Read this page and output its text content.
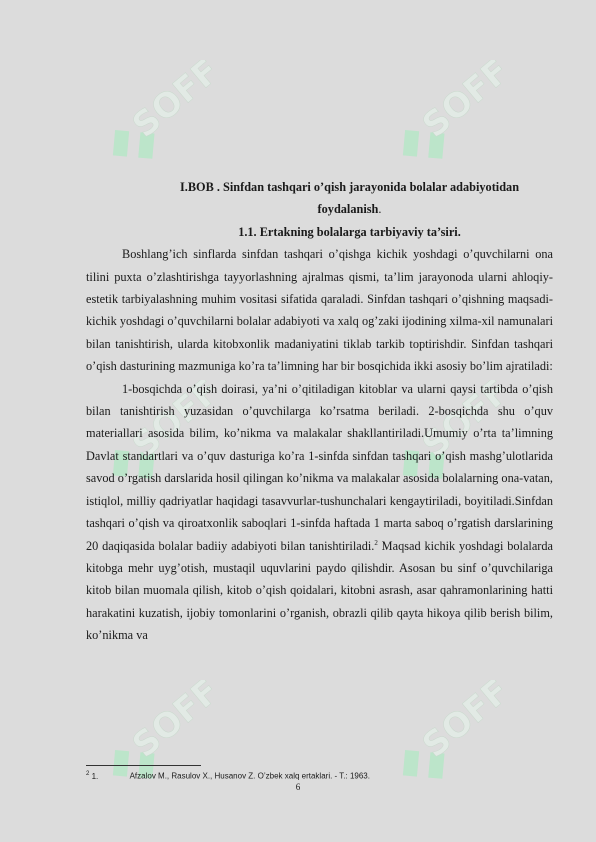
SOFF	SOFF
SOFF	SOFF
SOFF	SOFF

I.BOB . Sinfdan tashqari o’qish jarayonida bolalar adabiyotidan

foydalanish.

1.1. Ertakning bolalarga tarbiyaviy ta’siri.

Boshlang’ich sinflarda sinfdan tashqari o’qishga kichik yoshdagi o’quvchilarni ona tilini puxta o’zlashtirishga tayyorlashning ajralmas qismi, ta’lim jarayonoda ularni ahloqiy-estetik tarbiyalashning muhim vositasi sifatida qaraladi. Sinfdan tashqari o’qishning maqsadi-kichik yoshdagi o’quvchilarni bolalar adabiyoti va xalq og’zaki ijodining xilma-xil namunalari bilan tanishtirish, ularda kitobxonlik madaniyatini tiklab tarkib toptirishdir. Sinfdan tashqari o’qish dasturining mazmuniga ko’ra ta’limning har bir bosqichida ikki asosiy bo’lim ajratiladi:

1-bosqichda o’qish doirasi, ya’ni o’qitiladigan kitoblar va ularni qaysi tartibda o’qish bilan tanishtirish yuzasidan o’quvchilarga ko’rsatma beriladi. 2-bosqichda shu o’quv materiallari asosida bilim, ko’nikma va malakalar shakllantiriladi.Umumiy o’rta ta’limning Davlat standartlari va o’quv dasturiga ko’ra 1-sinfda sinfdan tashqari o’qish mashg’ulotlarida savod o’rgatish darslarida hosil qilingan ko’nikma va malakalar asosida bolalarning ona-vatan, istiqlol, milliy qadriyatlar haqidagi tasavvurlar-tushunchalari kengaytiriladi, boyitiladi.Sinfdan tashqari o’qish va qiroatxonlik saboqlari 1-sinfda haftada 1 marta saboq o’rgatish darslarining 20 daqiqasida bolalar badiiy adabiyoti bilan tanishtiriladi.$^2$ Maqsad kichik yoshdagi bolalarda kitobga mehr uyg’otish, mustaqil uquvlarini paydo qilishdir. Asosan bu sinf o’quvchilariga kitob bilan muomala qilish, kitob o’qish qoidalari, kitobni asrash, asar qahramonlarining hatti harakatini kuzatish, ijobiy tomonlarini o’rganish, obrazli qilib qayta hikoya qilib berish bilim, ko’nikma va

$^2$ 1.	Afzalov M., Rasulov X., Husanov Z. O’zbek xalq ertaklari. - T.: 1963.
6
